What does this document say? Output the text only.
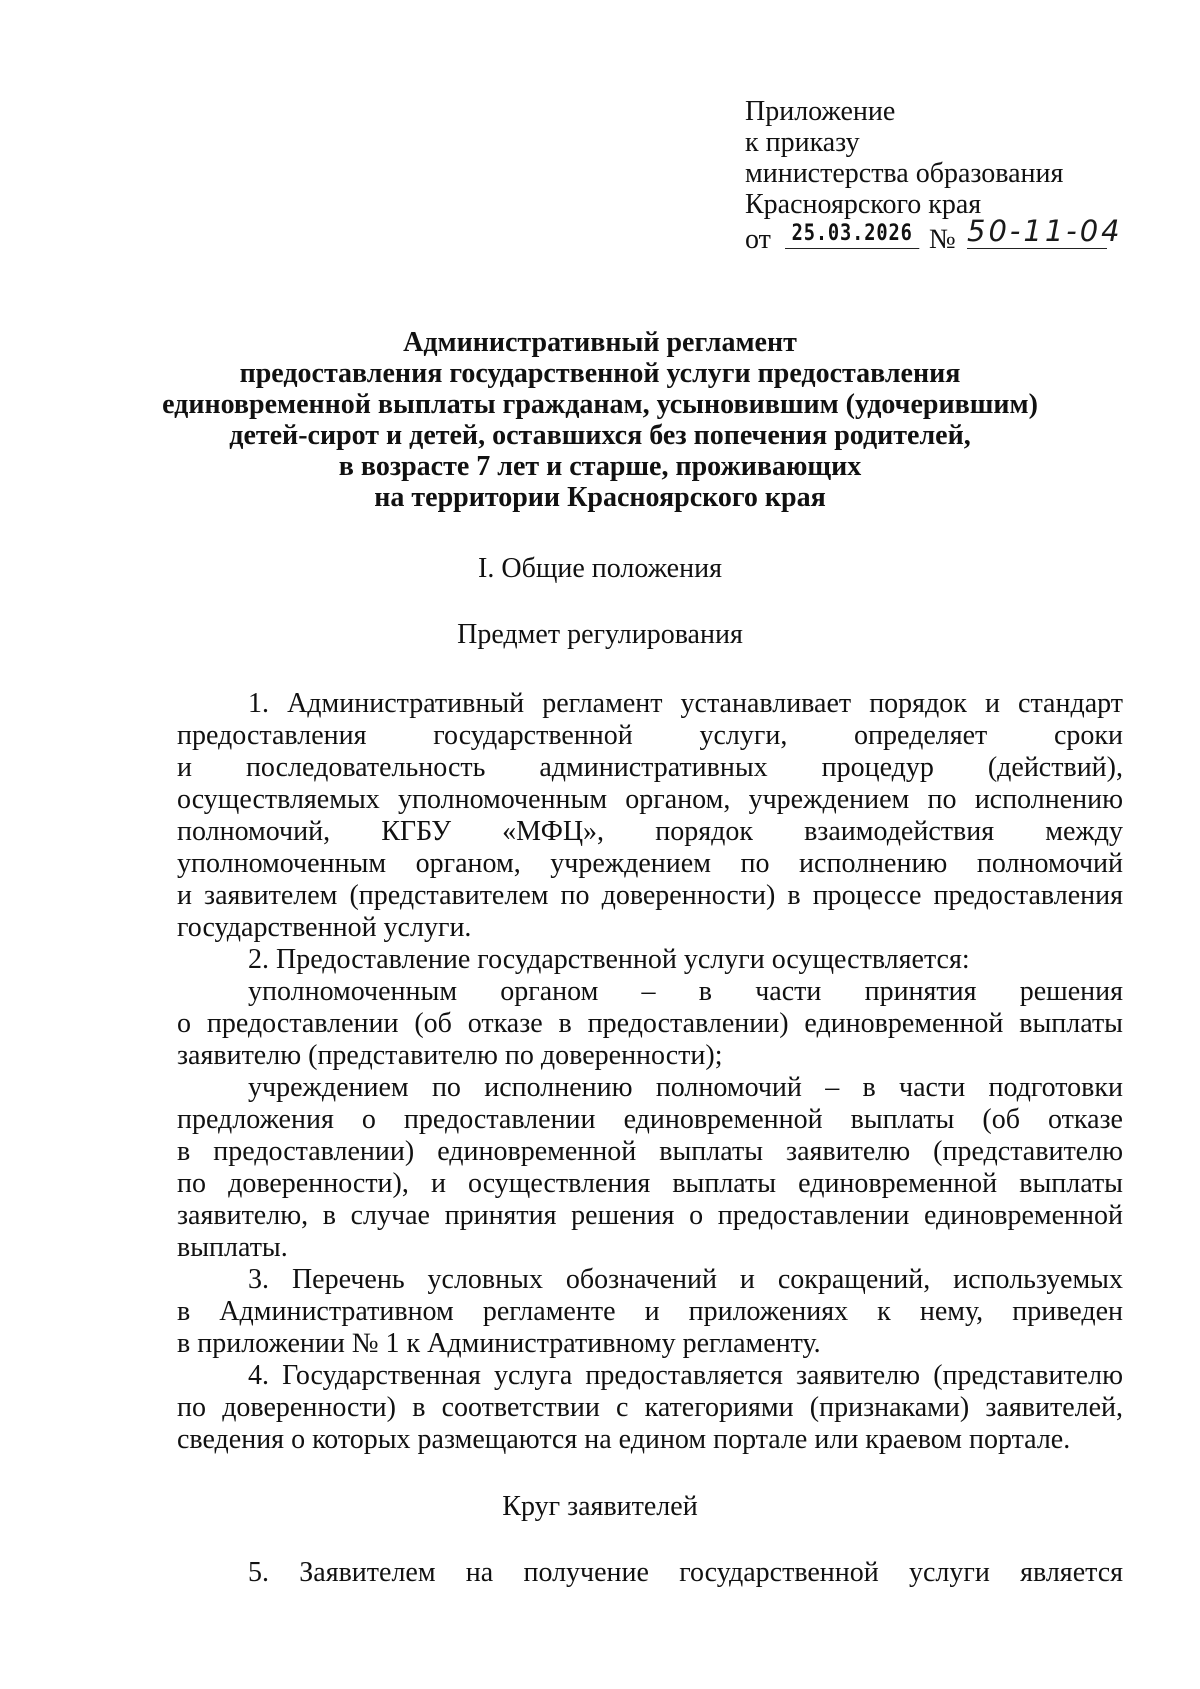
Приложение
к приказу
министерства образования
Красноярского края
от 25.03.2026 № 50-11-04
Административный регламент
предоставления государственной услуги предоставления
единовременной выплаты гражданам, усыновившим (удочерившим)
детей-сирот и детей, оставшихся без попечения родителей,
в возрасте 7 лет и старше, проживающих
на территории Красноярского края
I. Общие положения
Предмет регулирования
1. Административный регламент устанавливает порядок и стандарт
предоставления государственной услуги, определяет сроки
и последовательность административных процедур (действий),
осуществляемых уполномоченным органом, учреждением по исполнению
полномочий, КГБУ «МФЦ», порядок взаимодействия между
уполномоченным органом, учреждением по исполнению полномочий
и заявителем (представителем по доверенности) в процессе предоставления
государственной услуги.
2. Предоставление государственной услуги осуществляется:
уполномоченным органом – в части принятия решения
о предоставлении (об отказе в предоставлении) единовременной выплаты
заявителю (представителю по доверенности);
учреждением по исполнению полномочий – в части подготовки
предложения о предоставлении единовременной выплаты (об отказе
в предоставлении) единовременной выплаты заявителю (представителю
по доверенности), и осуществления выплаты единовременной выплаты
заявителю, в случае принятия решения о предоставлении единовременной
выплаты.
3. Перечень условных обозначений и сокращений, используемых
в Административном регламенте и приложениях к нему, приведен
в приложении № 1 к Административному регламенту.
4. Государственная услуга предоставляется заявителю (представителю
по доверенности) в соответствии с категориями (признаками) заявителей,
сведения о которых размещаются на едином портале или краевом портале.
Круг заявителей
5. Заявителем на получение государственной услуги является
